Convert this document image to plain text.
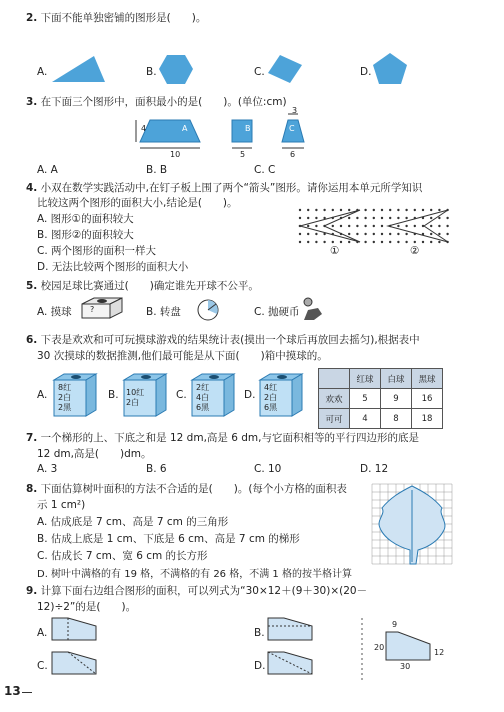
2. 下面不能单独密铺的图形是(　　)。
A.	B.	C.	D.
3. 在下面三个图形中，面积最小的是(　　)。(单位:cm)
4	A	B	C
10	5	6
3
A. A	B. B	C. C
4. 小双在数学实践活动中,在钉子板上围了两个“箭头”图形。请你运用本单元所学知识
比较这两个图形的面积大小,结论是(　　)。
A. 图形①的面积较大
B. 图形②的面积较大
C. 两个图形的面积一样大
D. 无法比较两个图形的面积大小
①	②
5. 校园足球比赛通过(　　)确定谁先开球不公平。
A. 摸球 ?	B. 转盘	C. 抛硬币
6. 下表是欢欢和可可玩摸球游戏的结果统计表(摸出一个球后再放回去摇匀),根据表中
30 次摸球的数据推测,他们最可能是从下面(　　)箱中摸球的。
A.	B.	C.	D.
8红
2白
2黑
10红
2白
2红
4白
6黑
4红
2白
6黑
	红球	白球	黑球
欢欢	5	9	16
可可	4	8	18
7. 一个梯形的上、下底之和是 12 dm,高是 6 dm,与它面积相等的平行四边形的底是
12 dm,高是(　　)dm。
A. 3	B. 6	C. 10	D. 12
8. 下面估算树叶面积的方法不合适的是(　　)。(每个小方格的面积表
示 1 cm²)
A. 估成底是 7 cm、高是 7 cm 的三角形
B. 估成上底是 1 cm、下底是 6 cm、高是 7 cm 的梯形
C. 估成长 7 cm、宽 6 cm 的长方形
D. 树叶中满格的有 19 格，不满格的有 26 格，不满 1 格的按半格计算
9. 计算下面右边组合图形的面积，可以列式为“30×12＋(9＋30)×(20－
12)÷2”的是(　　)。
A.	B.
C.	D.
9
20
12
30
13
